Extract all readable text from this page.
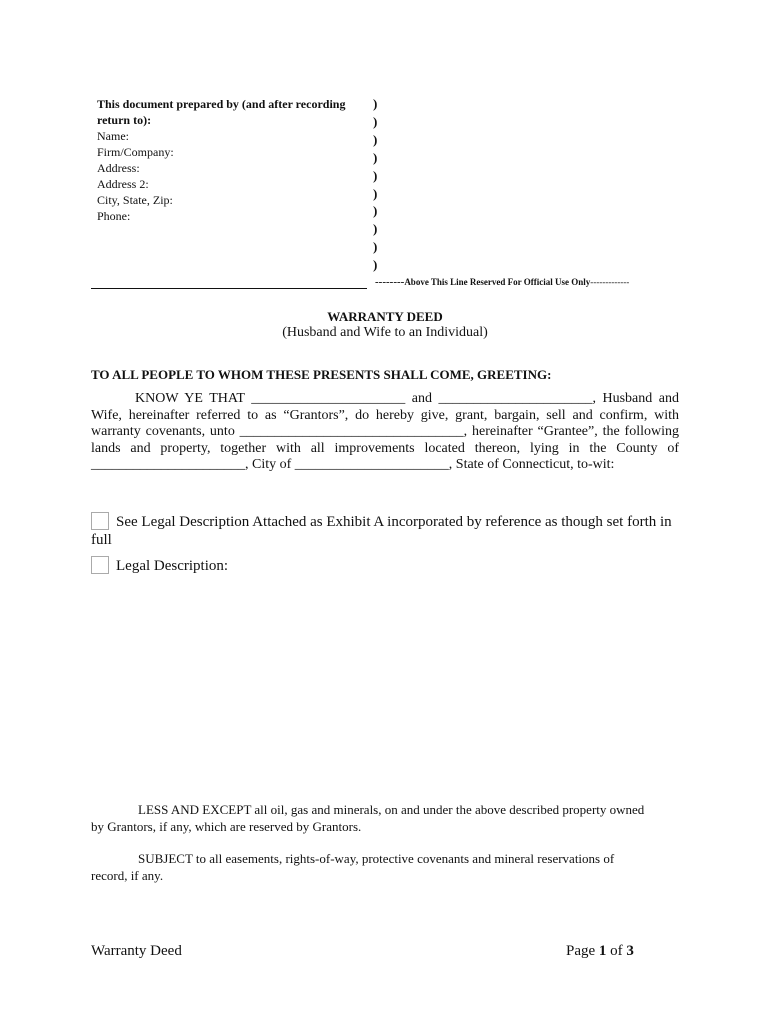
This document prepared by (and after recording
return to):
Name:
Firm/Company:
Address:
Address 2:
City, State, Zip:
Phone:
)
)
)
)
)
)
)
)
)
)
--------Above This Line Reserved For Official Use Only-------------
WARRANTY DEED
(Husband and Wife to an Individual)
TO ALL PEOPLE TO WHOM THESE PRESENTS SHALL COME, GREETING:
KNOW YE THAT ______________________ and ______________________, Husband and
Wife, hereinafter referred to as “Grantors”, do hereby give, grant, bargain, sell and confirm, with
warranty covenants, unto ________________________________, hereinafter “Grantee”, the following
lands and property, together with all improvements located thereon, lying in the County of
______________________, City of ______________________, State of Connecticut, to-wit:
See Legal Description Attached as Exhibit A incorporated by reference as though set forth in
full
Legal Description:
LESS AND EXCEPT all oil, gas and minerals, on and under the above described property owned
by Grantors, if any, which are reserved by Grantors.
SUBJECT to all easements, rights-of-way, protective covenants and mineral reservations of
record, if any.
Warranty Deed	Page 1 of 3
